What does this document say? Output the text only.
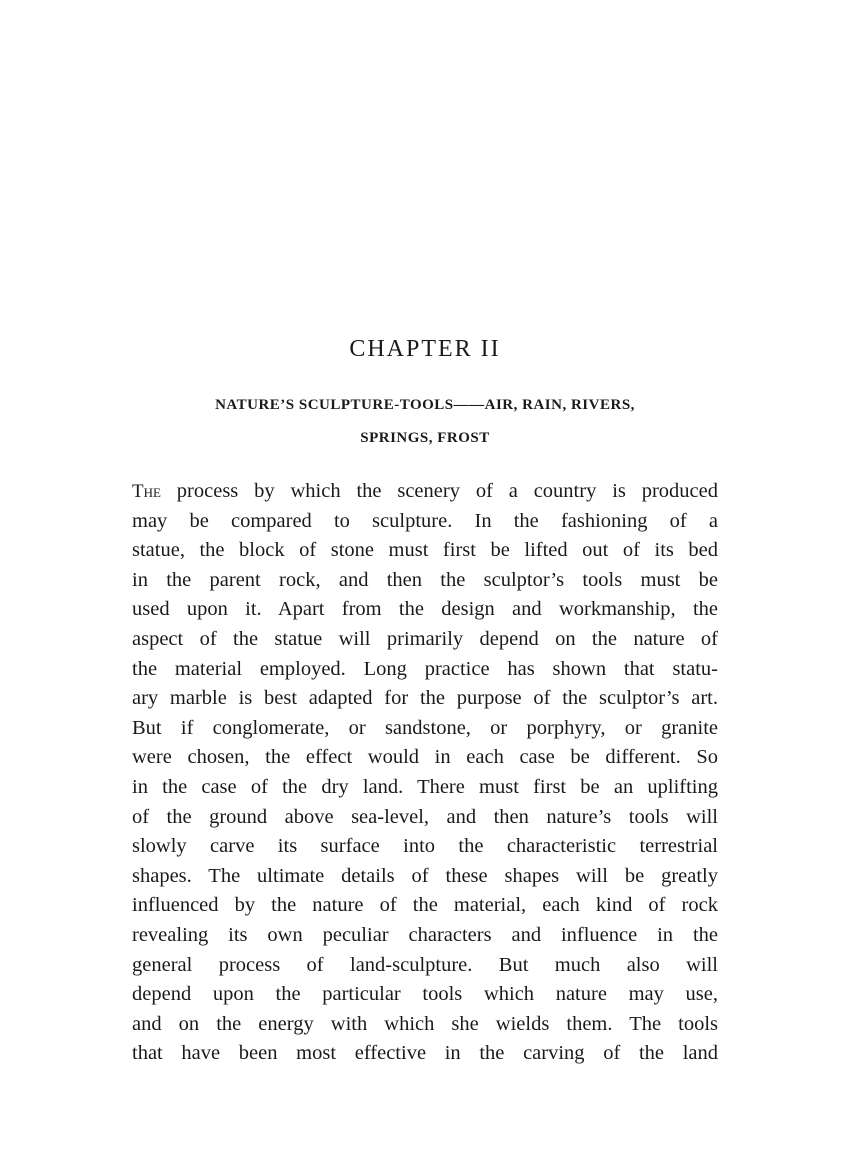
CHAPTER II

NATURE’S SCULPTURE-TOOLS——AIR, RAIN, RIVERS,

SPRINGS, FROST

The process by which the scenery of a country is produced
may be compared to sculpture. In the fashioning of a
statue, the block of stone must first be lifted out of its bed
in the parent rock, and then the sculptor’s tools must be
used upon it. Apart from the design and workmanship, the
aspect of the statue will primarily depend on the nature of
the material employed. Long practice has shown that statu-
ary marble is best adapted for the purpose of the sculptor’s art.
But if conglomerate, or sandstone, or porphyry, or granite
were chosen, the effect would in each case be different. So
in the case of the dry land. There must first be an uplifting
of the ground above sea-level, and then nature’s tools will
slowly carve its surface into the characteristic terrestrial
shapes. The ultimate details of these shapes will be greatly
influenced by the nature of the material, each kind of rock
revealing its own peculiar characters and influence in the
general process of land-sculpture. But much also will
depend upon the particular tools which nature may use,
and on the energy with which she wields them. The tools
that have been most effective in the carving of the land
